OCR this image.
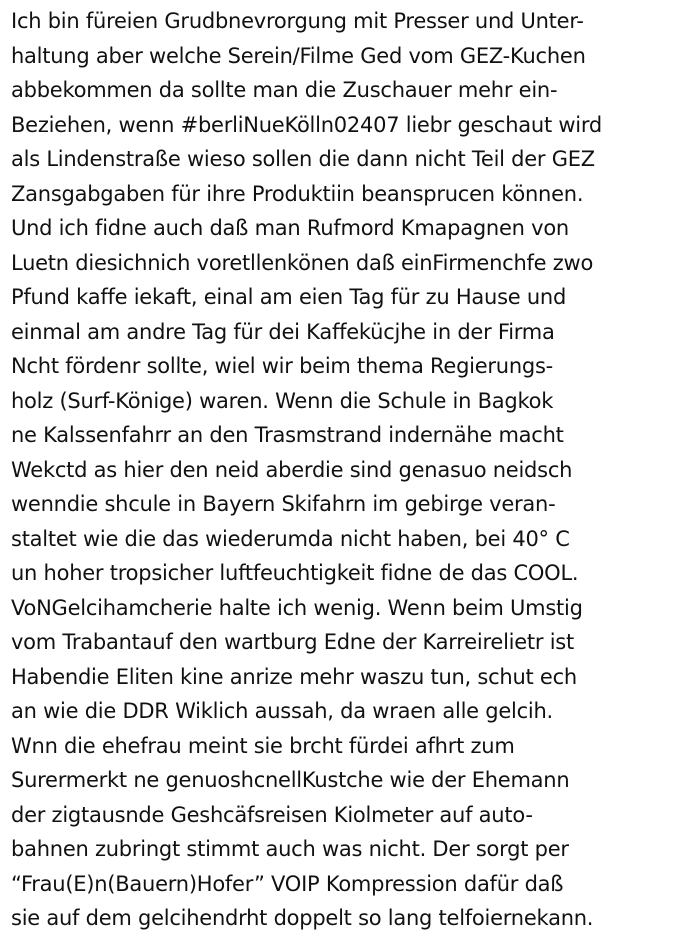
Ich bin füreien Grudbnevrorgung mit Presser und Unter-
haltung aber welche Serein/Filme Ged vom GEZ-Kuchen
abbekommen da sollte man die Zuschauer mehr ein-
Beziehen, wenn #berliNueKölln02407 liebr geschaut wird
als Lindenstraße wieso sollen die dann nicht Teil der GEZ
Zansgabgaben für ihre Produktiin beansprucen können.
Und ich fidne auch daß man Rufmord Kmapagnen von
Luetn diesichnich voretllenkönen daß einFirmenchfe zwo
Pfund kaffe iekaft, einal am eien Tag für zu Hause und
einmal am andre Tag für dei Kaffekücjhe in der Firma
Ncht fördenr sollte, wiel wir beim thema Regierungs-
holz (Surf-Könige) waren. Wenn die Schule in Bagkok
ne Kalssenfahrr an den Trasmstrand indernähe macht
Wekctd as hier den neid aberdie sind genasuo neidsch
wenndie shcule in Bayern Skifahrn im gebirge veran-
staltet wie die das wiederumda nicht haben, bei 40° C
un hoher tropsicher luftfeuchtigkeit fidne de das COOL.
VoNGelcihamcherie halte ich wenig. Wenn beim Umstig
vom Trabantauf den wartburg Edne der Karreirelietr ist
Habendie Eliten kine anrize mehr waszu tun, schut ech
an wie die DDR Wiklich aussah, da wraen alle gelcih.
Wnn die ehefrau meint sie brcht fürdei afhrt zum
Surermerkt ne genuoshcnellKustche wie der Ehemann
der zigtausnde Geshcäfsreisen Kiolmeter auf auto-
bahnen zubringt stimmt auch was nicht. Der sorgt per
“Frau(E)n(Bauern)Hofer” VOIP Kompression dafür daß
sie auf dem gelcihendrht doppelt so lang telfoiernekann.
